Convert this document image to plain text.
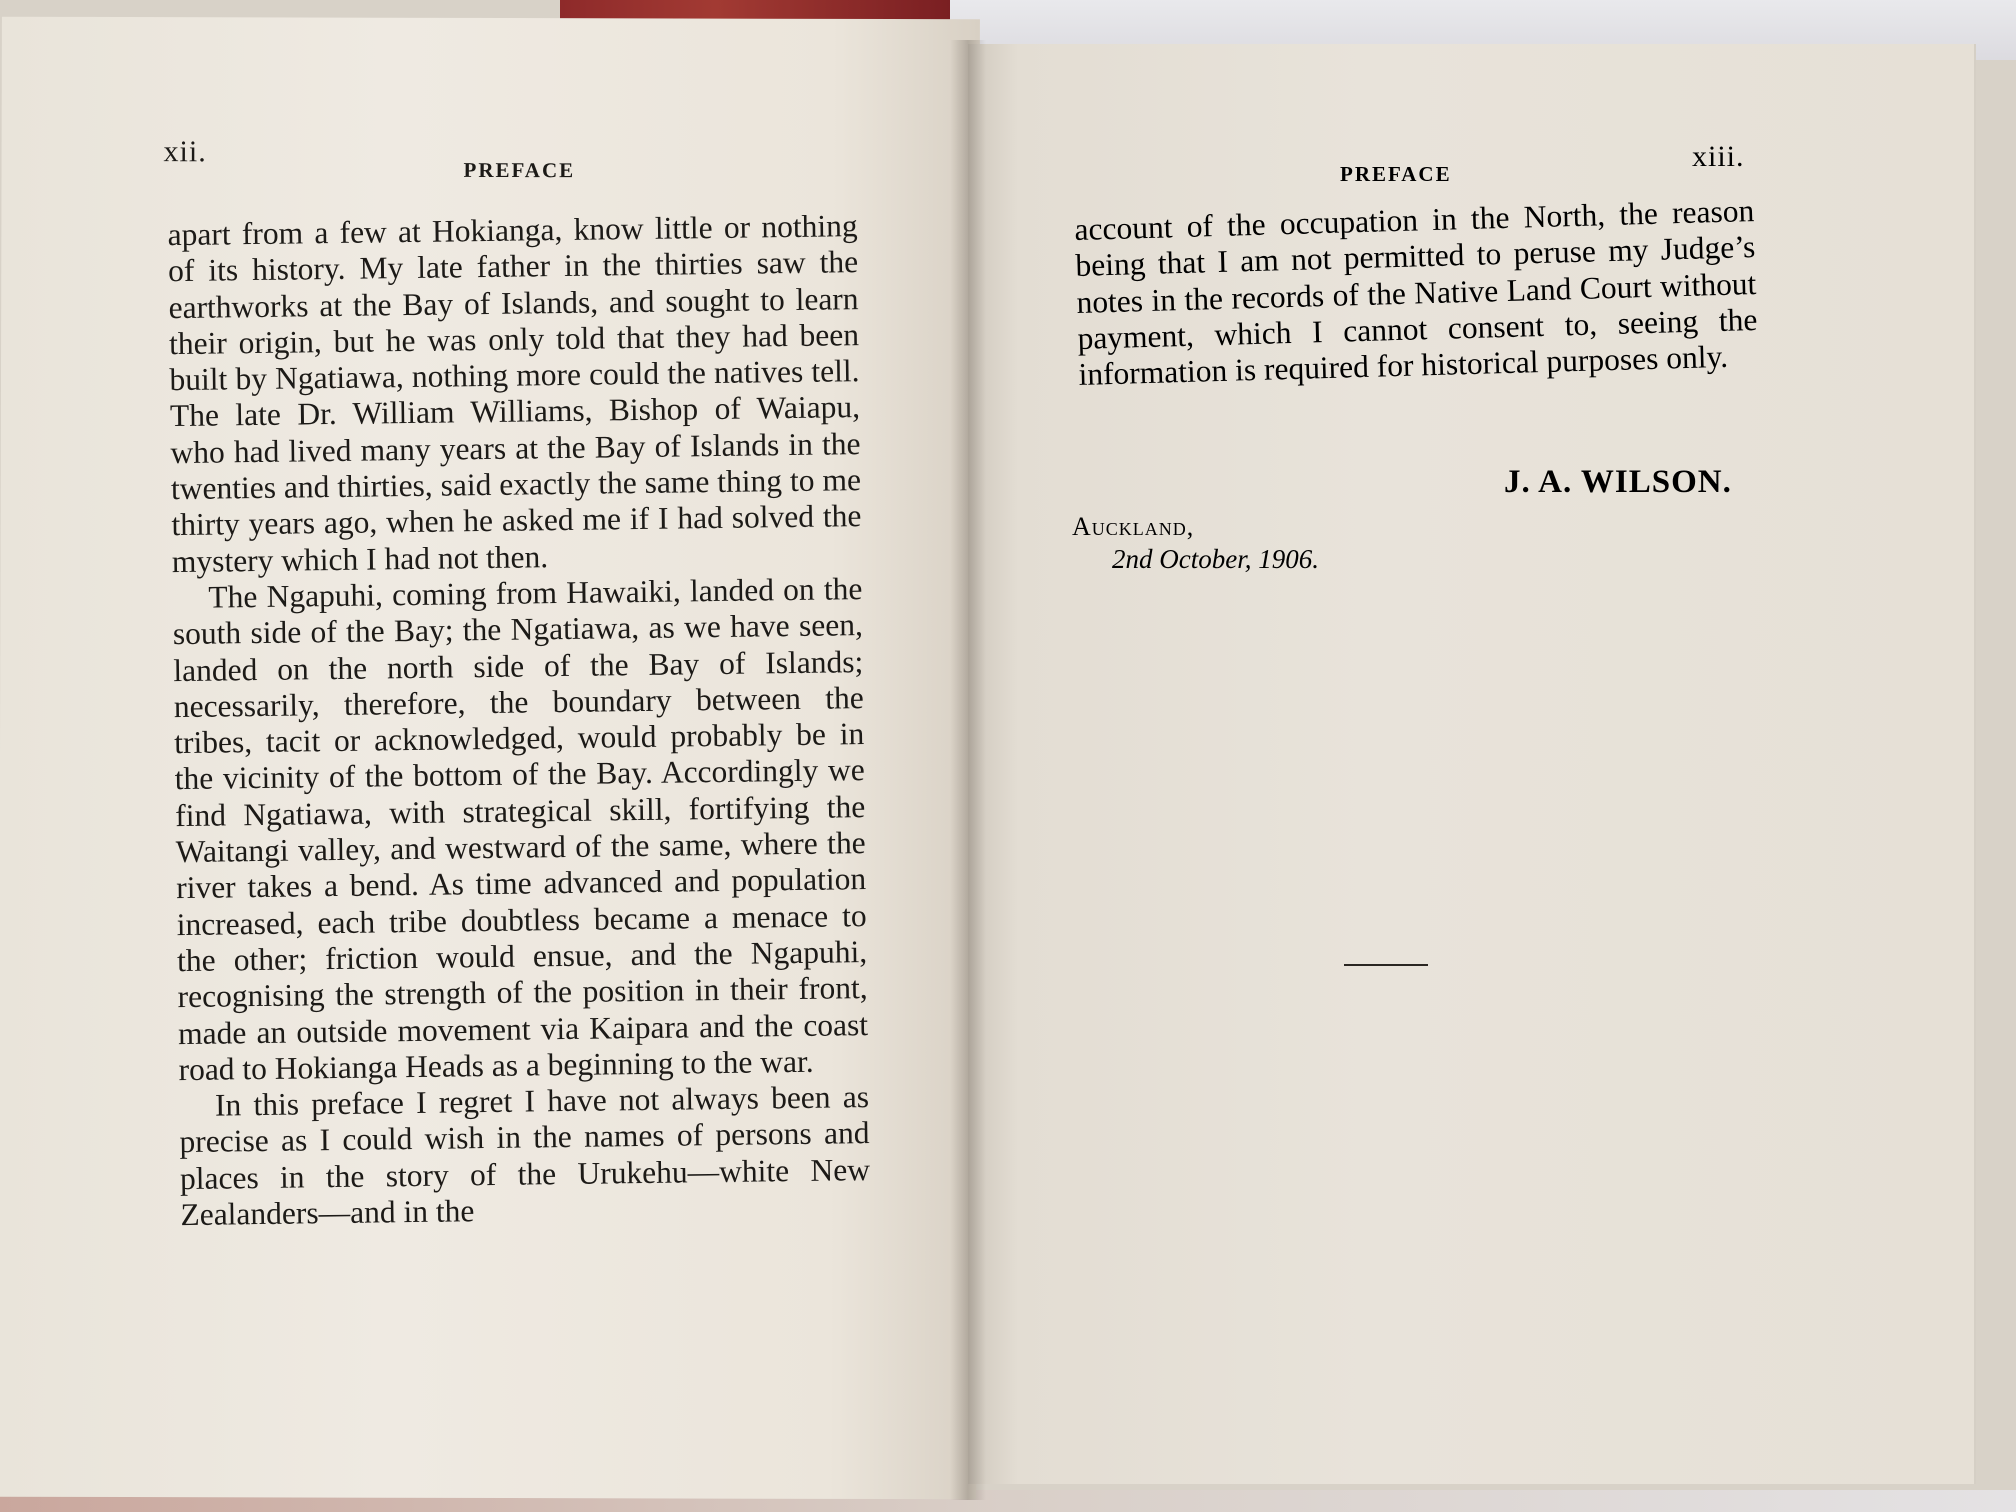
xii.
PREFACE

apart from a few at Hokianga, know little or nothing of its history. My late father in the thirties saw the earthworks at the Bay of Islands, and sought to learn their origin, but he was only told that they had been built by Ngatiawa, nothing more could the natives tell. The late Dr. William Williams, Bishop of Waiapu, who had lived many years at the Bay of Islands in the twenties and thirties, said exactly the same thing to me thirty years ago, when he asked me if I had solved the mystery which I had not then.

The Ngapuhi, coming from Hawaiki, landed on the south side of the Bay; the Ngatiawa, as we have seen, landed on the north side of the Bay of Islands; necessarily, therefore, the boundary between the tribes, tacit or acknowledged, would probably be in the vicinity of the bottom of the Bay. Accordingly we find Ngatiawa, with strategical skill, fortifying the Waitangi valley, and westward of the same, where the river takes a bend. As time advanced and population increased, each tribe doubtless became a menace to the other; friction would ensue, and the Ngapuhi, recognising the strength of the position in their front, made an outside movement via Kaipara and the coast road to Hokianga Heads as a beginning to the war.

In this preface I regret I have not always been as precise as I could wish in the names of persons and places in the story of the Urukehu—white New Zealanders—and in the

PREFACE
xiii.

account of the occupation in the North, the reason being that I am not permitted to peruse my Judge’s notes in the records of the Native Land Court without payment, which I cannot consent to, seeing the information is required for historical purposes only.

J. A. WILSON.
Auckland,
2nd October, 1906.
